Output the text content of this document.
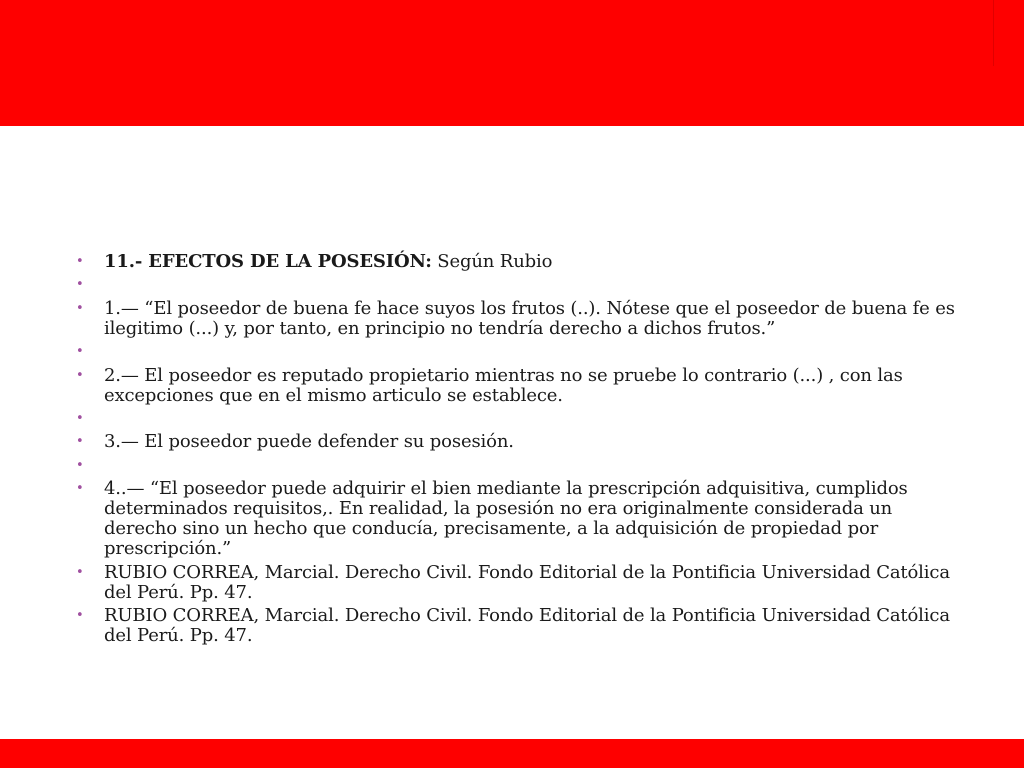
• 11.- EFECTOS DE LA POSESIÓN: Según Rubio
•
• 1.— “El poseedor de buena fe hace suyos los frutos (..). Nótese que el poseedor de buena fe es ilegitimo (...) y, por tanto, en principio no tendría derecho a dichos frutos.”
•
• 2.— El poseedor es reputado propietario mientras no se pruebe lo contrario (...) , con las excepciones que en el mismo articulo se establece.
•
• 3.— El poseedor puede defender su posesión.
•
• 4..— “El poseedor puede adquirir el bien mediante la prescripción adquisitiva, cumplidos determinados requisitos,. En realidad, la posesión no era originalmente considerada un derecho sino un hecho que conducía, precisamente, a la adquisición de propiedad por prescripción.”
• RUBIO CORREA, Marcial. Derecho Civil. Fondo Editorial de la Pontificia Universidad Católica del Perú. Pp. 47.
• RUBIO CORREA, Marcial. Derecho Civil. Fondo Editorial de la Pontificia Universidad Católica del Perú. Pp. 47.
